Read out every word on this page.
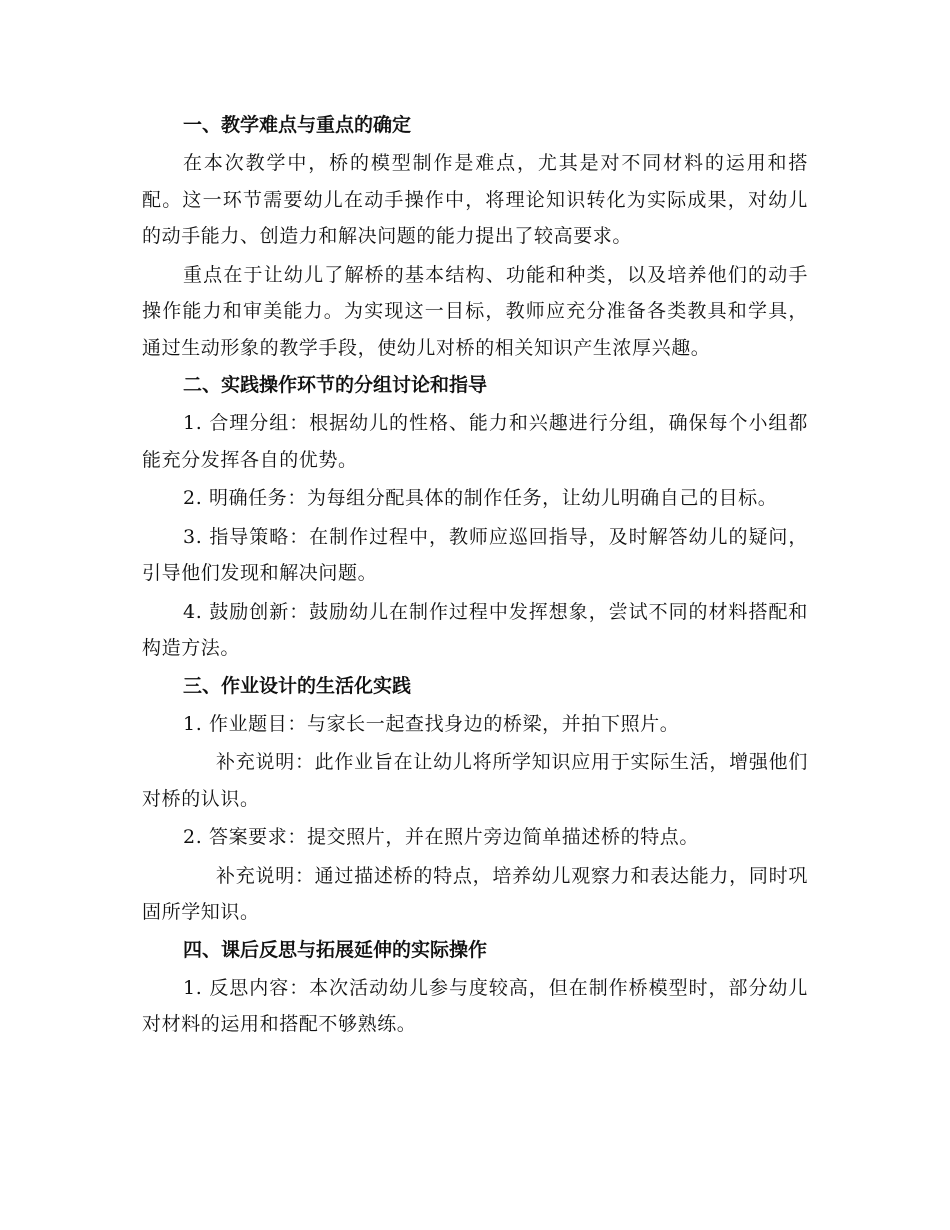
一、教学难点与重点的确定

在本次教学中，桥的模型制作是难点，尤其是对不同材料的运用和搭配。这一环节需要幼儿在动手操作中，将理论知识转化为实际成果，对幼儿的动手能力、创造力和解决问题的能力提出了较高要求。

重点在于让幼儿了解桥的基本结构、功能和种类，以及培养他们的动手操作能力和审美能力。为实现这一目标，教师应充分准备各类教具和学具，通过生动形象的教学手段，使幼儿对桥的相关知识产生浓厚兴趣。

二、实践操作环节的分组讨论和指导

1. 合理分组：根据幼儿的性格、能力和兴趣进行分组，确保每个小组都能充分发挥各自的优势。

2. 明确任务：为每组分配具体的制作任务，让幼儿明确自己的目标。

3. 指导策略：在制作过程中，教师应巡回指导，及时解答幼儿的疑问，引导他们发现和解决问题。

4. 鼓励创新：鼓励幼儿在制作过程中发挥想象，尝试不同的材料搭配和构造方法。

三、作业设计的生活化实践

1. 作业题目：与家长一起查找身边的桥梁，并拍下照片。

补充说明：此作业旨在让幼儿将所学知识应用于实际生活，增强他们对桥的认识。

2. 答案要求：提交照片，并在照片旁边简单描述桥的特点。

补充说明：通过描述桥的特点，培养幼儿观察力和表达能力，同时巩固所学知识。

四、课后反思与拓展延伸的实际操作

1. 反思内容：本次活动幼儿参与度较高，但在制作桥模型时，部分幼儿对材料的运用和搭配不够熟练。
